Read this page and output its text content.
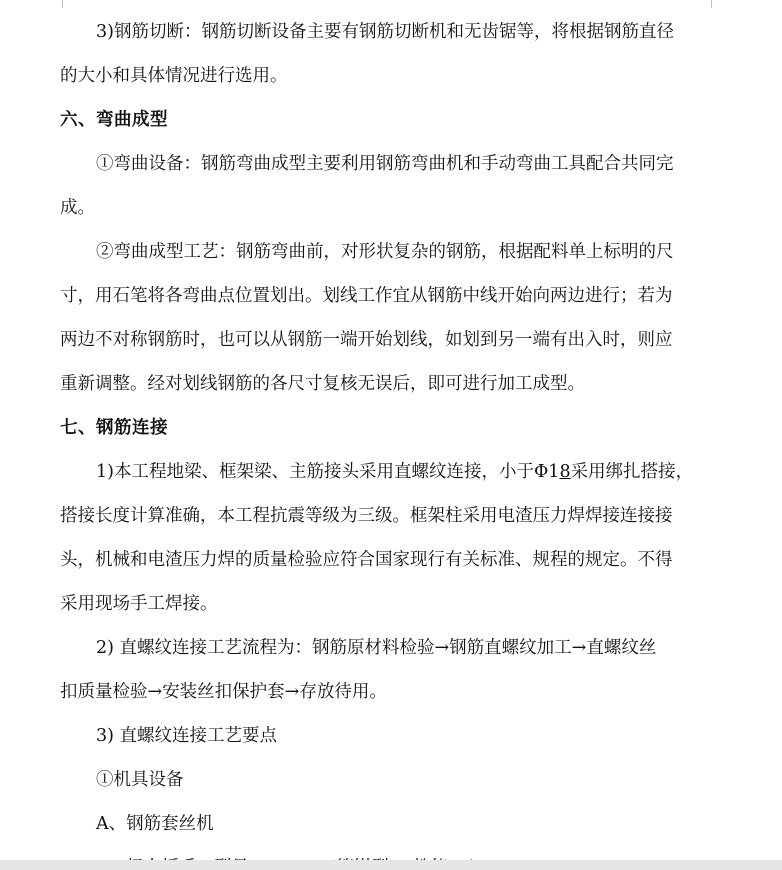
3)钢筋切断：钢筋切断设备主要有钢筋切断机和无齿锯等，将根据钢筋直径
的大小和具体情况进行选用。
六、弯曲成型
①弯曲设备：钢筋弯曲成型主要利用钢筋弯曲机和手动弯曲工具配合共同完
成。
②弯曲成型工艺：钢筋弯曲前，对形状复杂的钢筋，根据配料单上标明的尺
寸，用石笔将各弯曲点位置划出。划线工作宜从钢筋中线开始向两边进行；若为
两边不对称钢筋时，也可以从钢筋一端开始划线，如划到另一端有出入时，则应
重新调整。经对划线钢筋的各尺寸复核无误后，即可进行加工成型。
七、钢筋连接
1)本工程地梁、框架梁、主筋接头采用直螺纹连接，小于Φ18采用绑扎搭接，
搭接长度计算准确，本工程抗震等级为三级。框架柱采用电渣压力焊焊接连接接
头，机械和电渣压力焊的质量检验应符合国家现行有关标准、规程的规定。不得
采用现场手工焊接。
2) 直螺纹连接工艺流程为：钢筋原材料检验→钢筋直螺纹加工→直螺纹丝
扣质量检验→安装丝扣保护套→存放待用。
3) 直螺纹连接工艺要点
①机具设备
A、钢筋套丝机
